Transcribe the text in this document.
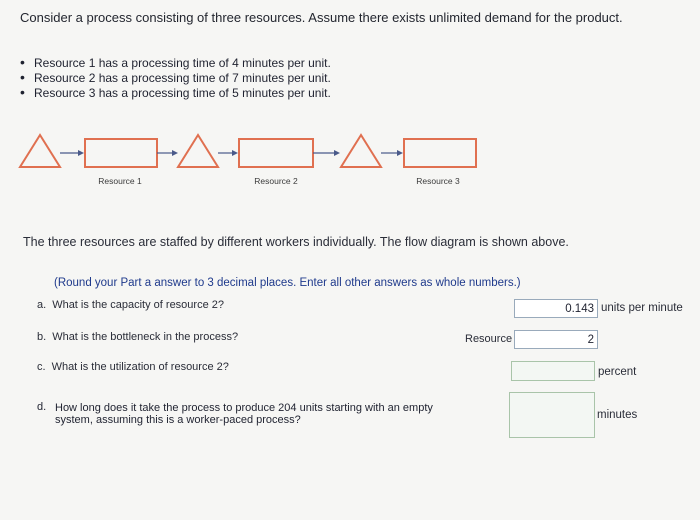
Consider a process consisting of three resources. Assume there exists unlimited demand for the product.
• Resource 1 has a processing time of 4 minutes per unit.
• Resource 2 has a processing time of 7 minutes per unit.
• Resource 3 has a processing time of 5 minutes per unit.
Resource 1	Resource 2	Resource 3
The three resources are staffed by different workers individually. The flow diagram is shown above.
(Round your Part a answer to 3 decimal places. Enter all other answers as whole numbers.)
a. What is the capacity of resource 2?	0.143 units per minute
b. What is the bottleneck in the process?	Resource	2
c. What is the utilization of resource 2?	percent
d. How long does it take the process to produce 204 units starting with an empty system, assuming this is a worker-paced process?	minutes
